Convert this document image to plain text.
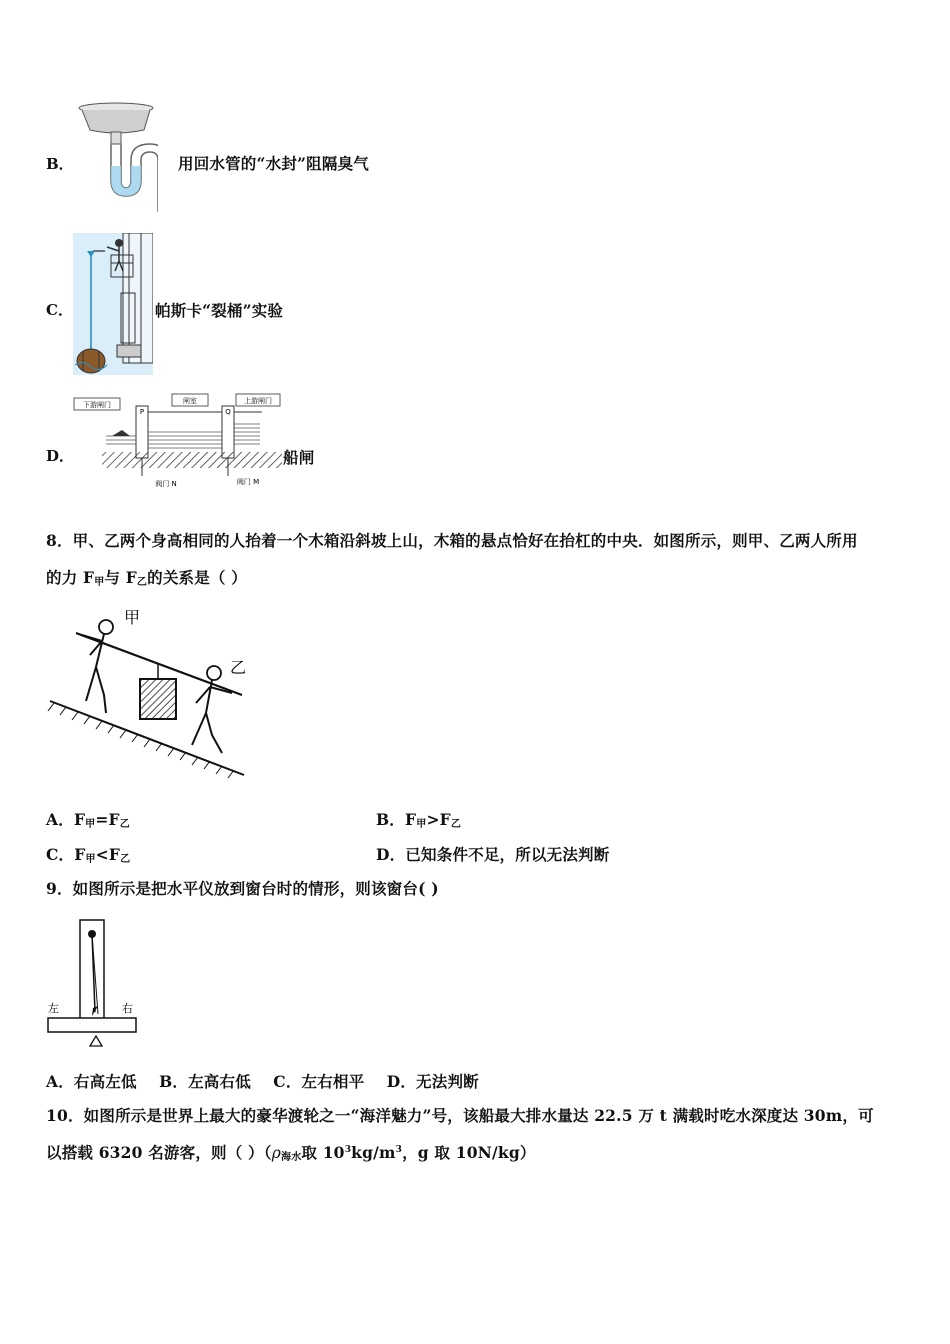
B．	用回水管的“水封”阻隔臭气
C．	帕斯卡“裂桶”实验
D．
下游闸门	闸室	上游闸门
P	Q
阀门 N	阀门 M
船闸
8．甲、乙两个身高相同的人抬着一个木箱沿斜坡上山，木箱的悬点恰好在抬杠的中央．如图所示，则甲、乙两人所用
的力 $F_甲$与 $F_乙$的关系是（ ）
甲
乙
A．$F_甲=F_乙$	B．$F_甲>F_乙$
C．$F_甲<F_乙$	D．已知条件不足，所以无法判断
9．如图所示是把水平仪放到窗台时的情形，则该窗台( )
左	右
A．右高左低    B．左高右低    C．左右相平    D．无法判断
10．如图所示是世界上最大的豪华渡轮之一“海洋魅力”号，该船最大排水量达 22.5 万 t 满载时吃水深度达 30m，可
以搭载 6320 名游客，则（ ）（$\rho_{海水}$取 $10^3kg/m^3$，g 取 10N/kg）
